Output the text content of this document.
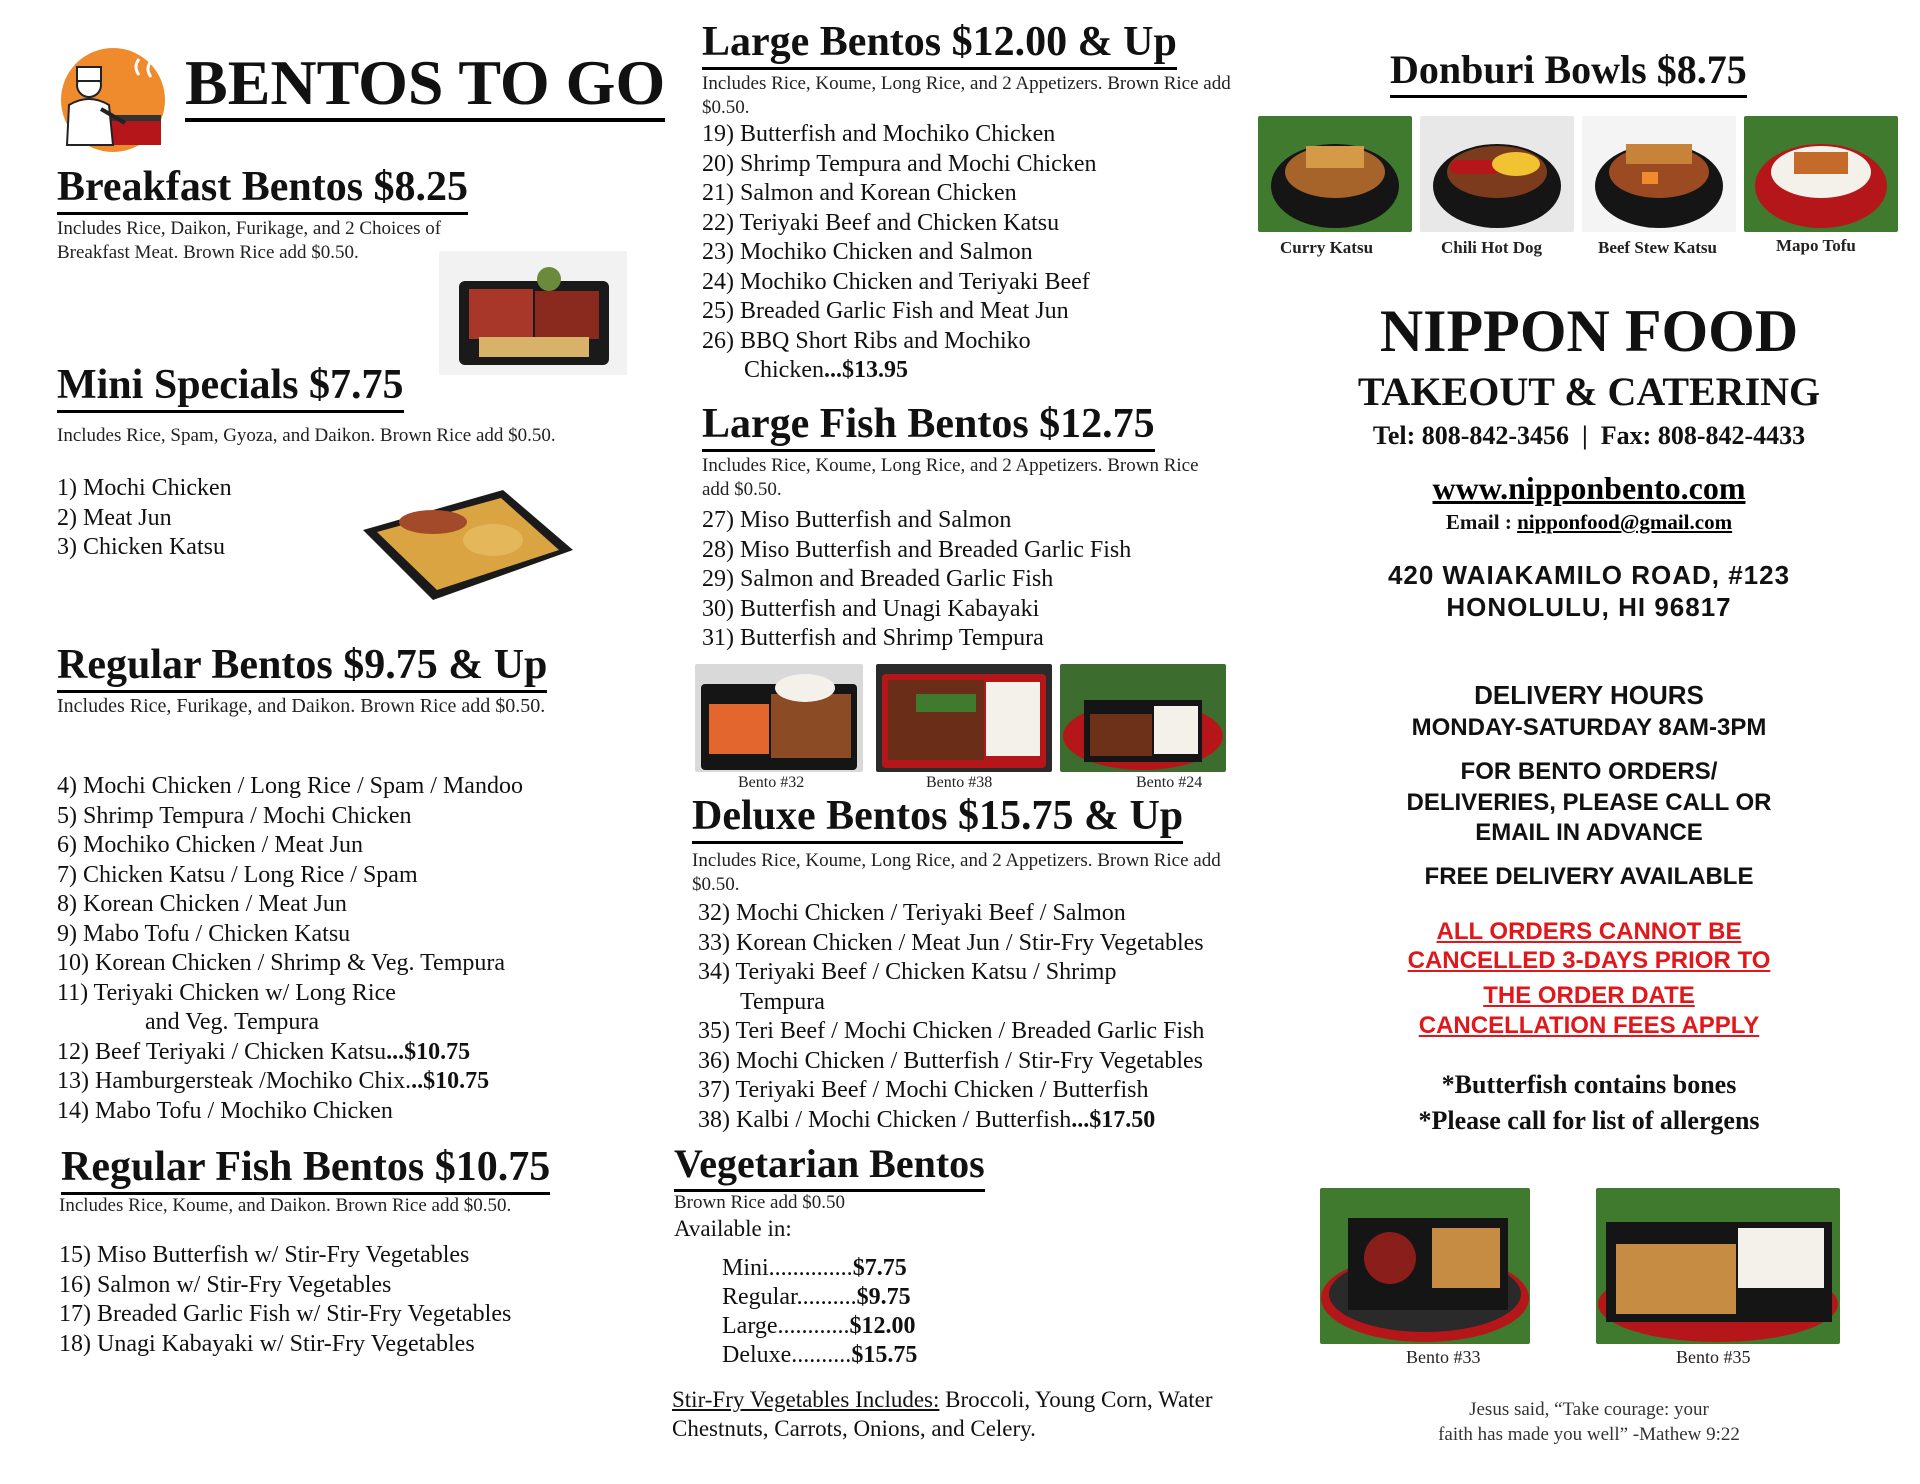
BENTOS TO GO
Breakfast Bentos $8.25
Includes Rice, Daikon, Furikage, and 2 Choices of Breakfast Meat. Brown Rice add $0.50.
Mini Specials $7.75
Includes Rice, Spam, Gyoza, and Daikon. Brown Rice add $0.50.
1) Mochi Chicken
2) Meat Jun
3) Chicken Katsu
Regular Bentos $9.75 & Up
Includes Rice, Furikage, and Daikon. Brown Rice add $0.50.
4) Mochi Chicken / Long Rice / Spam / Mandoo
5) Shrimp Tempura / Mochi Chicken
6) Mochiko Chicken / Meat Jun
7) Chicken Katsu / Long Rice / Spam
8) Korean Chicken / Meat Jun
9) Mabo Tofu / Chicken Katsu
10) Korean Chicken / Shrimp & Veg. Tempura
11) Teriyaki Chicken w/ Long Rice
and Veg. Tempura
12) Beef Teriyaki / Chicken Katsu...$10.75
13) Hamburgersteak /Mochiko Chix...$10.75
14) Mabo Tofu / Mochiko Chicken
Regular Fish Bentos $10.75
Includes Rice, Koume, and Daikon. Brown Rice add $0.50.
15) Miso Butterfish w/ Stir-Fry Vegetables
16) Salmon w/ Stir-Fry Vegetables
17) Breaded Garlic Fish w/ Stir-Fry Vegetables
18) Unagi Kabayaki w/ Stir-Fry Vegetables
Large Bentos $12.00 & Up
Includes Rice, Koume, Long Rice, and 2 Appetizers. Brown Rice add $0.50.
19) Butterfish and Mochiko Chicken
20) Shrimp Tempura and Mochi Chicken
21) Salmon and Korean Chicken
22) Teriyaki Beef and Chicken Katsu
23) Mochiko Chicken and Salmon
24) Mochiko Chicken and Teriyaki Beef
25) Breaded Garlic Fish and Meat Jun
26) BBQ Short Ribs and Mochiko
Chicken...$13.95
Large Fish Bentos $12.75
Includes Rice, Koume, Long Rice, and 2 Appetizers. Brown Rice add $0.50.
27) Miso Butterfish and Salmon
28) Miso Butterfish and Breaded Garlic Fish
29) Salmon and Breaded Garlic Fish
30) Butterfish and Unagi Kabayaki
31) Butterfish and Shrimp Tempura
Bento #32	Bento #38	Bento #24
Deluxe Bentos $15.75 & Up
Includes Rice, Koume, Long Rice, and 2 Appetizers. Brown Rice add $0.50.
32) Mochi Chicken / Teriyaki Beef / Salmon
33) Korean Chicken / Meat Jun / Stir-Fry Vegetables
34) Teriyaki Beef / Chicken Katsu / Shrimp
Tempura
35) Teri Beef / Mochi Chicken / Breaded Garlic Fish
36) Mochi Chicken / Butterfish / Stir-Fry Vegetables
37) Teriyaki Beef / Mochi Chicken / Butterfish
38) Kalbi / Mochi Chicken / Butterfish...$17.50
Vegetarian Bentos
Brown Rice add $0.50
Available in:
Mini..............$7.75
Regular..........$9.75
Large............$12.00
Deluxe..........$15.75
Stir-Fry Vegetables Includes: Broccoli, Young Corn, Water Chestnuts, Carrots, Onions, and Celery.
Donburi Bowls $8.75
Curry Katsu	Chili Hot Dog	Beef Stew Katsu	Mapo Tofu
NIPPON FOOD
TAKEOUT & CATERING
Tel: 808-842-3456  |  Fax: 808-842-4433
www.nipponbento.com
Email : nipponfood@gmail.com
420 WAIAKAMILO ROAD, #123
HONOLULU, HI 96817
DELIVERY HOURS
MONDAY-SATURDAY 8AM-3PM
FOR BENTO ORDERS/
DELIVERIES, PLEASE CALL OR
EMAIL IN ADVANCE
FREE DELIVERY AVAILABLE
ALL ORDERS CANNOT BE
CANCELLED 3-DAYS PRIOR TO
THE ORDER DATE
CANCELLATION FEES APPLY
*Butterfish contains bones
*Please call for list of allergens
Bento #33	Bento #35
Jesus said, “Take courage: your
faith has made you well” -Mathew 9:22
